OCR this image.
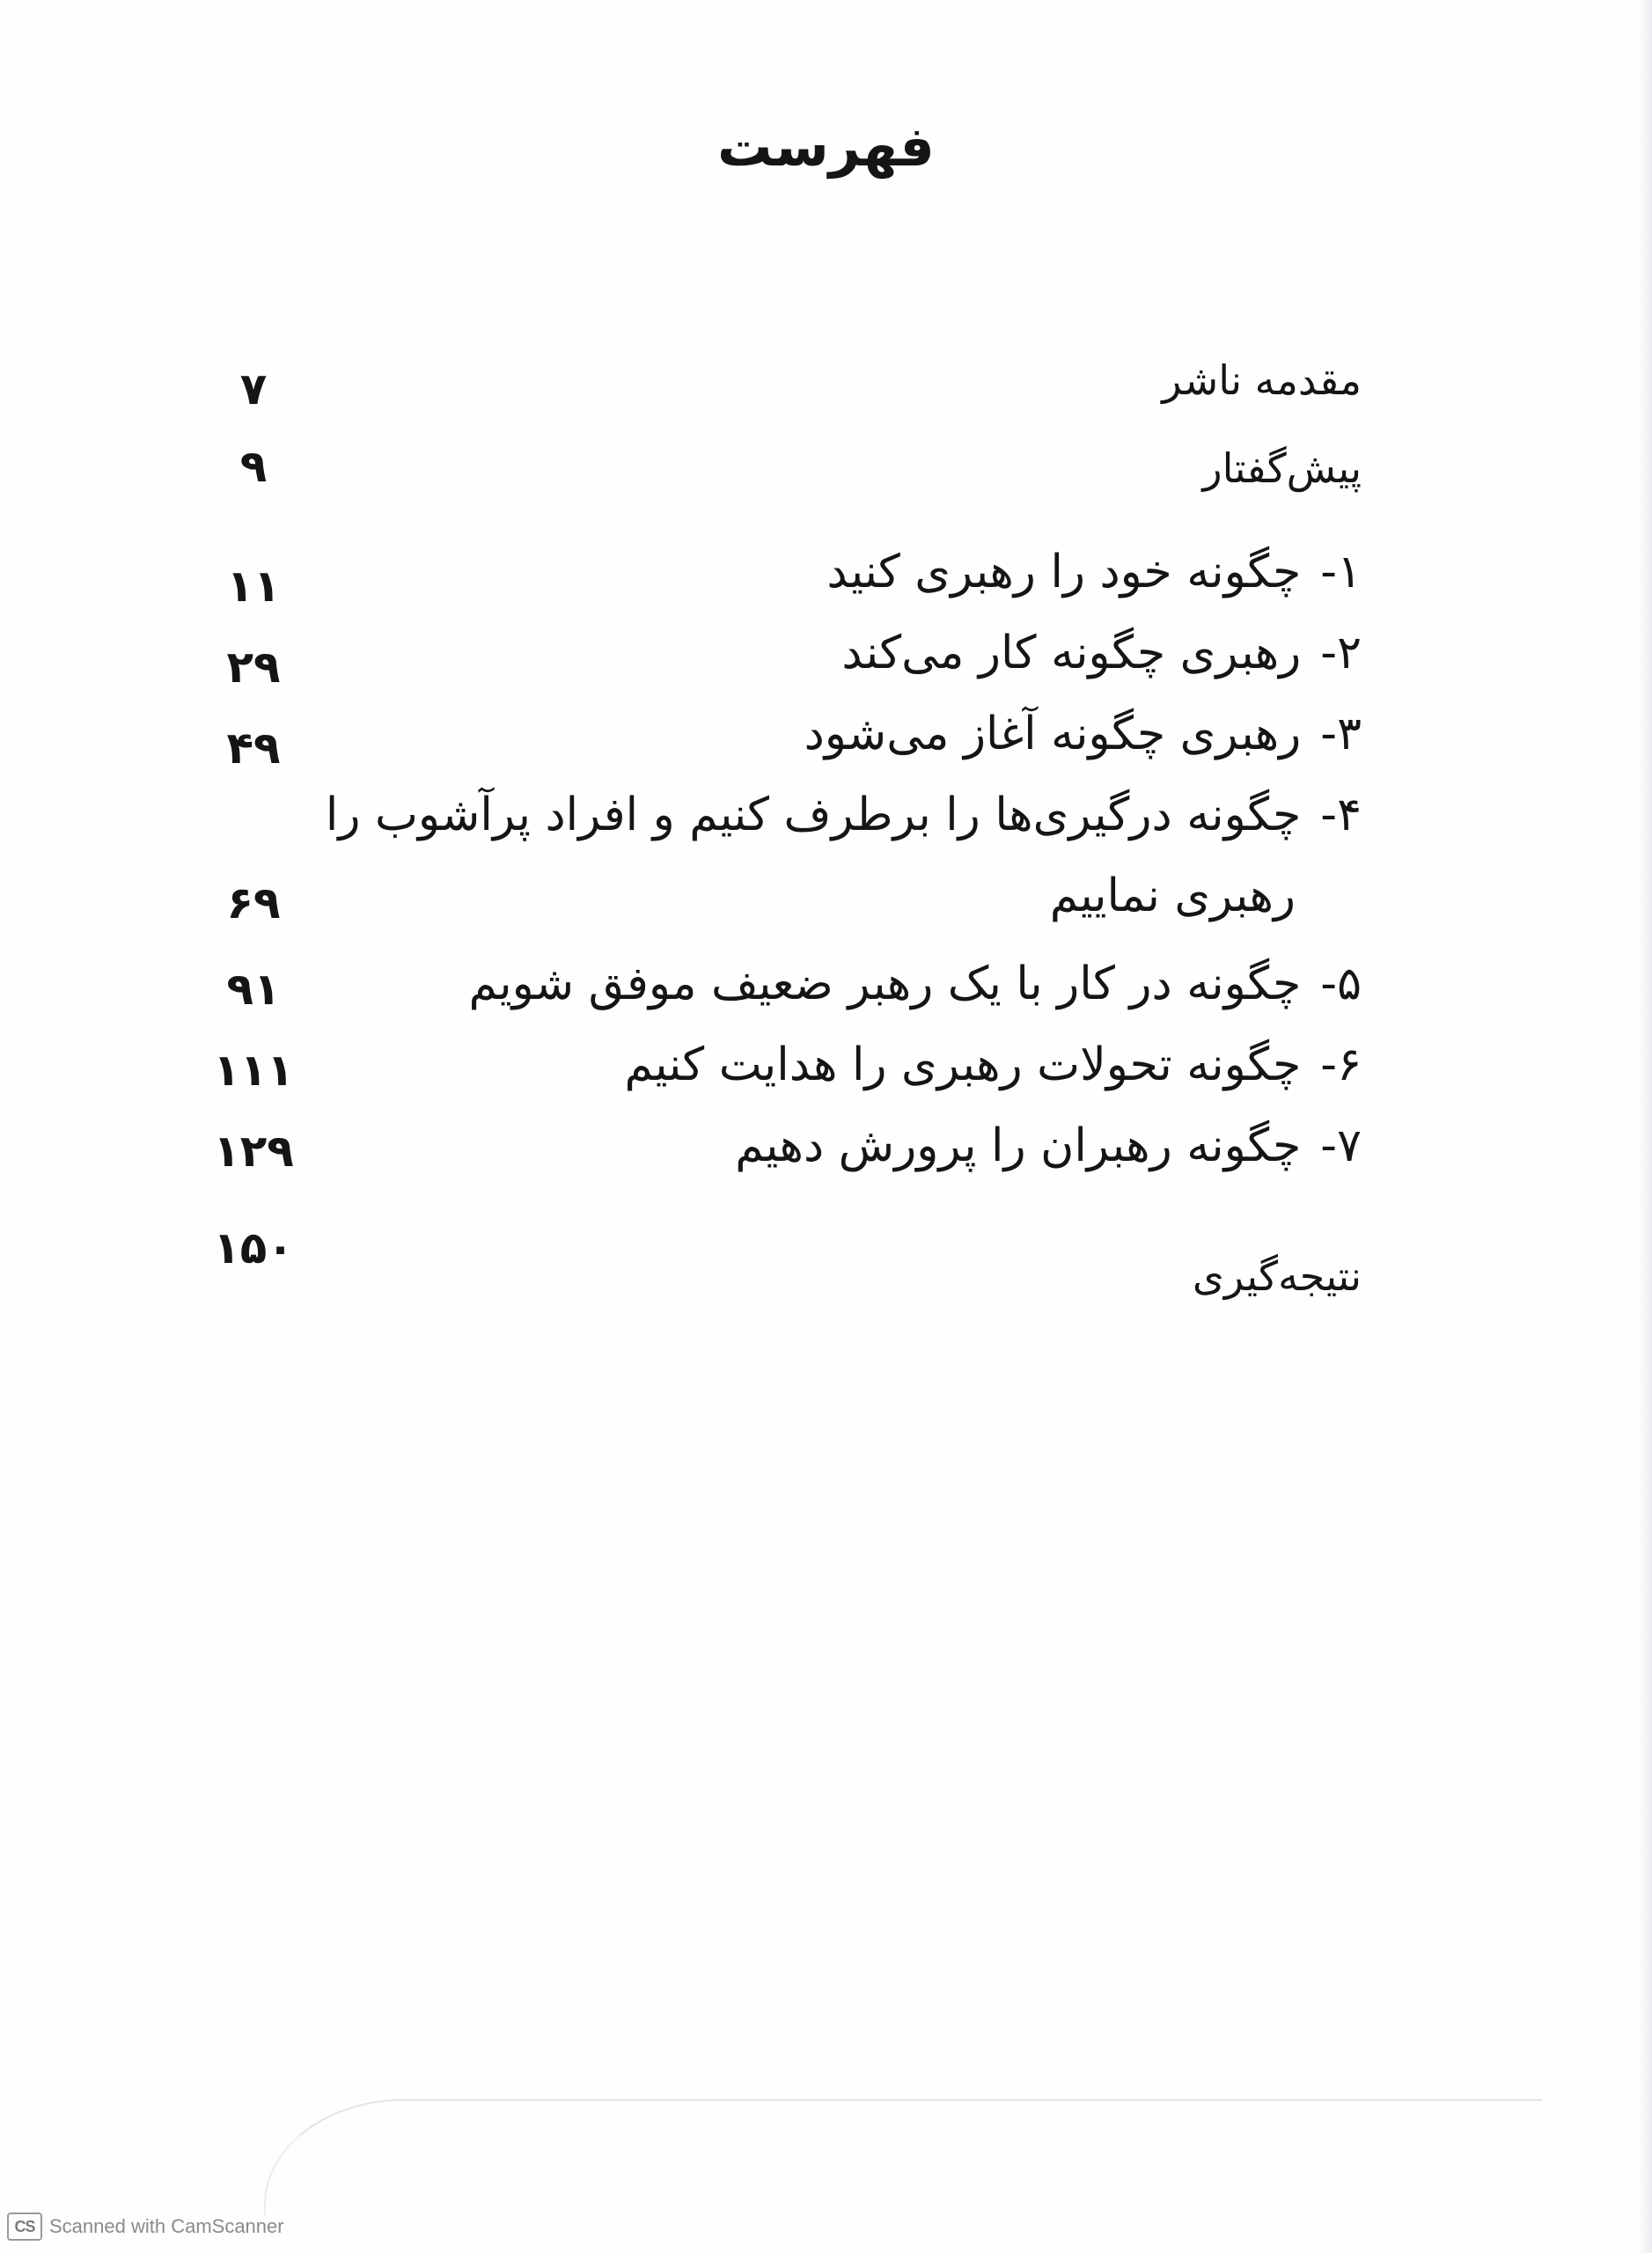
فهرست
مقدمه ناشر
۷
پیش‌گفتار
۹
۱-چگونه خود را رهبری کنید
۱۱
۲-رهبری چگونه کار می‌کند
۲۹
۳-رهبری چگونه آغاز می‌شود
۴۹
۴-چگونه درگیری‌ها را برطرف کنیم و افراد پرآشوب را
رهبری نماییم
۶۹
۵-چگونه در کار با یک رهبر ضعیف موفق شویم
۹۱
۶-چگونه تحولات رهبری را هدایت کنیم
۱۱۱
۷-چگونه رهبران را پرورش دهیم
۱۲۹
نتیجه‌گیری
۱۵۰
CS Scanned with CamScanner
